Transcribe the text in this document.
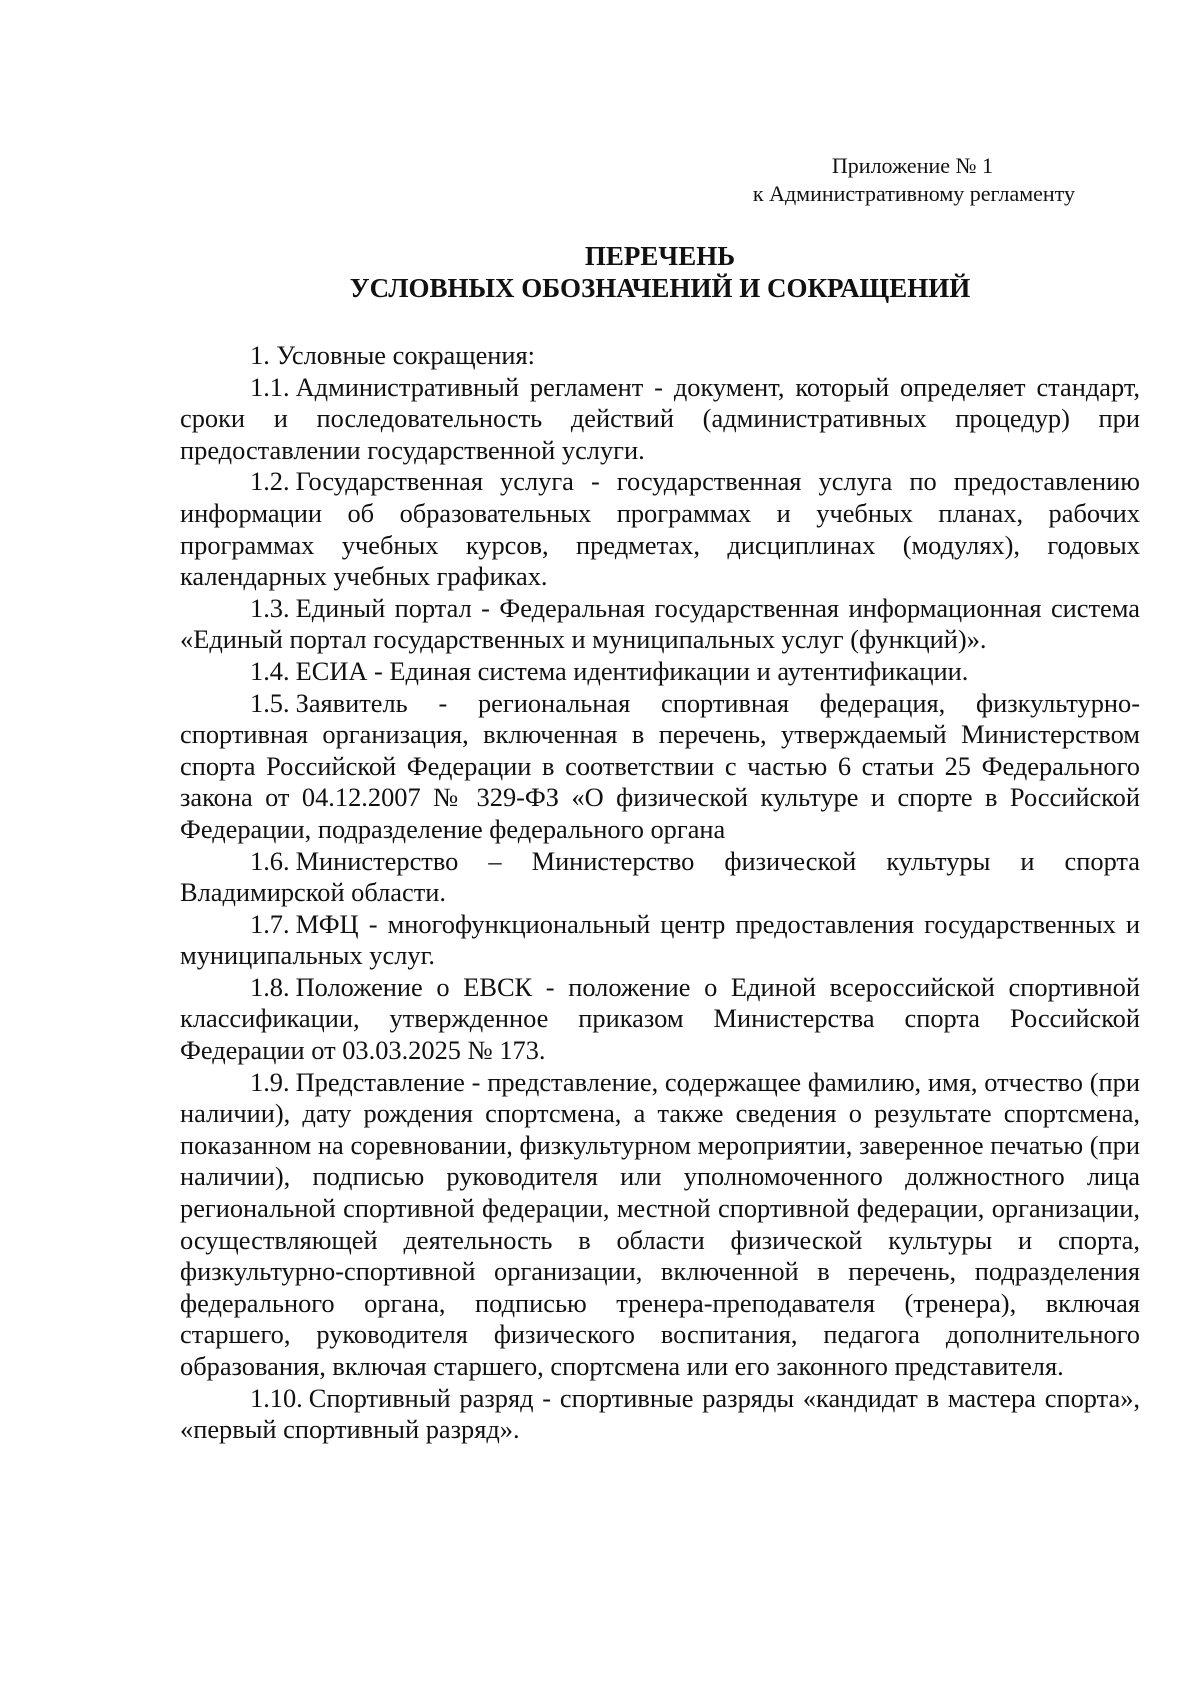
Приложение № 1
к Административному регламенту
ПЕРЕЧЕНЬ
УСЛОВНЫХ ОБОЗНАЧЕНИЙ И СОКРАЩЕНИЙ

1. Условные сокращения:

1.1. Административный регламент - документ, который определяет стандарт, сроки и последовательность действий (административных процедур) при предоставлении государственной услуги.

1.2. Государственная услуга - государственная услуга по предоставлению информации об образовательных программах и учебных планах, рабочих программах учебных курсов, предметах, дисциплинах (модулях), годовых календарных учебных графиках.

1.3. Единый портал - Федеральная государственная информационная система «Единый портал государственных и муниципальных услуг (функций)».

1.4. ЕСИА - Единая система идентификации и аутентификации.

1.5. Заявитель - региональная спортивная федерация, физкультурно-спортивная организация, включенная в перечень, утверждаемый Министерством спорта Российской Федерации в соответствии с частью 6 статьи 25 Федерального закона от 04.12.2007 № 329-ФЗ «О физической культуре и спорте в Российской Федерации, подразделение федерального органа

1.6. Министерство – Министерство физической культуры и спорта Владимирской области.

1.7. МФЦ - многофункциональный центр предоставления государственных и муниципальных услуг.

1.8. Положение о ЕВСК - положение о Единой всероссийской спортивной классификации, утвержденное приказом Министерства спорта Российской Федерации от 03.03.2025 № 173.

1.9. Представление - представление, содержащее фамилию, имя, отчество (при наличии), дату рождения спортсмена, а также сведения о результате спортсмена, показанном на соревновании, физкультурном мероприятии, заверенное печатью (при наличии), подписью руководителя или уполномоченного должностного лица региональной спортивной федерации, местной спортивной федерации, организации, осуществляющей деятельность в области физической культуры и спорта, физкультурно-спортивной организации, включенной в перечень, подразделения федерального органа, подписью тренера-преподавателя (тренера), включая старшего, руководителя физического воспитания, педагога дополнительного образования, включая старшего, спортсмена или его законного представителя.

1.10. Спортивный разряд - спортивные разряды «кандидат в мастера спорта», «первый спортивный разряд».
